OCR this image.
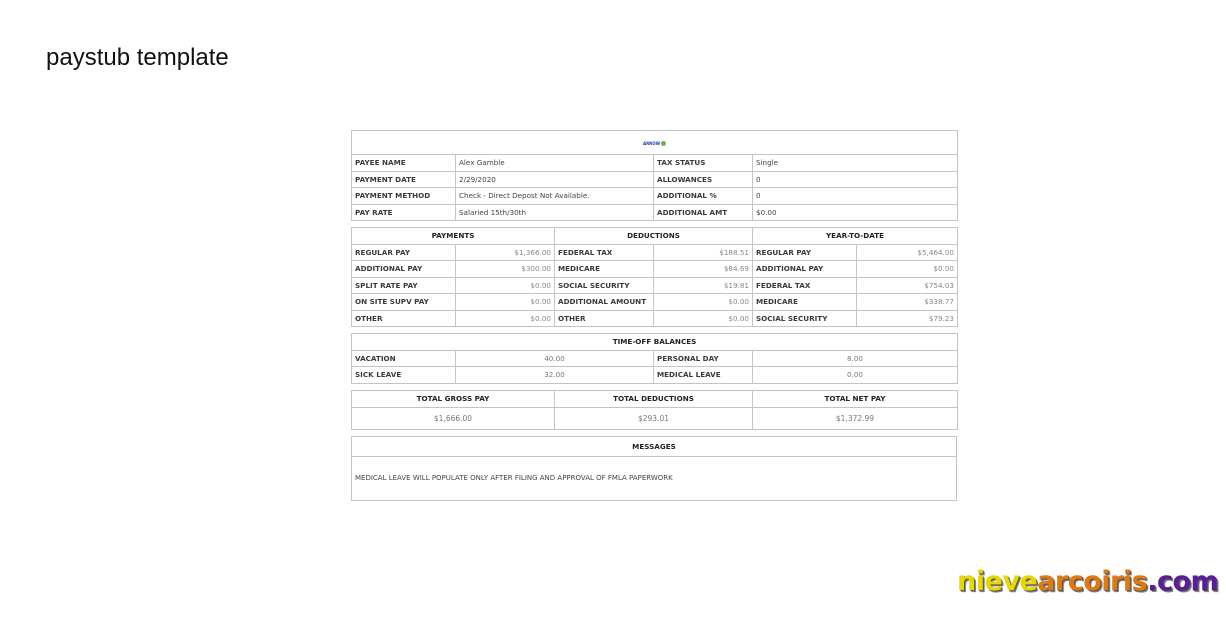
paystub template
ARROW			

PAYEE NAME	Alex Gamble	TAX STATUS	Single
PAYMENT DATE	2/29/2020	ALLOWANCES	0
PAYMENT METHOD	Check - Direct Depost Not Available.	ADDITIONAL %	0
PAY RATE	Salaried 15th/30th	ADDITIONAL AMT	$0.00
PAYMENTS		DEDUCTIONS		YEAR-TO-DATE	
REGULAR PAY	$1,366.00	FEDERAL TAX	$188.51	REGULAR PAY	$5,464.00
ADDITIONAL PAY	$300.00	MEDICARE	$84.69	ADDITIONAL PAY	$0.00
SPLIT RATE PAY	$0.00	SOCIAL SECURITY	$19.81	FEDERAL TAX	$754.03
ON SITE SUPV PAY	$0.00	ADDITIONAL AMOUNT	$0.00	MEDICARE	$338.77
OTHER	$0.00	OTHER	$0.00	SOCIAL SECURITY	$79.23
TIME-OFF BALANCES			
VACATION	40.00	PERSONAL DAY	8.00
SICK LEAVE	32.00	MEDICAL LEAVE	0.00
TOTAL GROSS PAY	TOTAL DEDUCTIONS	TOTAL NET PAY
$1,666.00	$293.01	$1,372.99
MESSAGES
MEDICAL LEAVE WILL POPULATE ONLY AFTER FILING AND APPROVAL OF FMLA PAPERWORK
nievearcoiris.com
